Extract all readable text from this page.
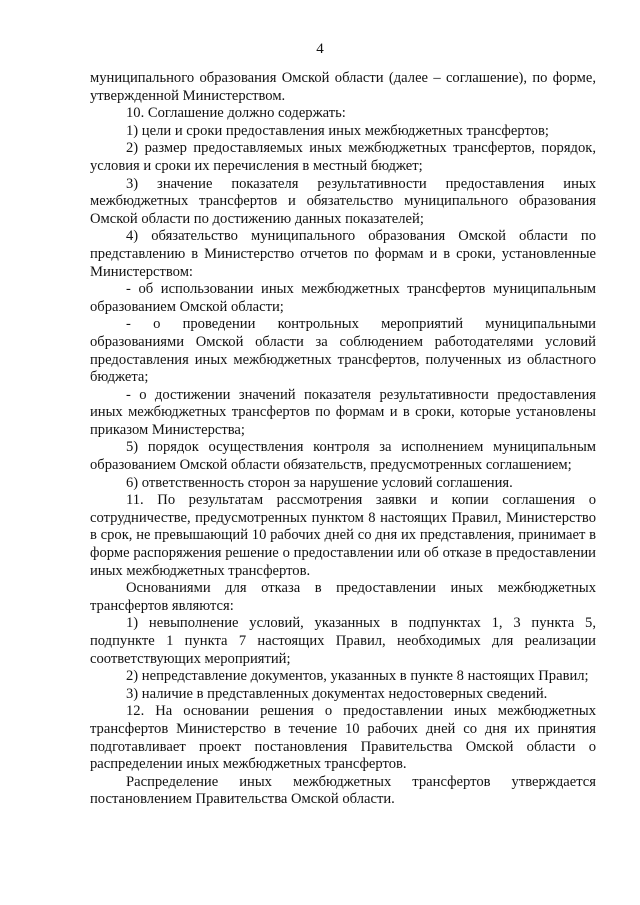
4

муниципального образования Омской области (далее – соглашение), по форме, утвержденной Министерством.

10. Соглашение должно содержать:

1) цели и сроки предоставления иных межбюджетных трансфертов;

2) размер предоставляемых иных межбюджетных трансфертов, порядок, условия и сроки их перечисления в местный бюджет;

3) значение показателя результативности предоставления иных межбюджетных трансфертов и обязательство муниципального образования Омской области по достижению данных показателей;

4) обязательство муниципального образования Омской области по представлению в Министерство отчетов по формам и в сроки, установленные Министерством:

- об использовании иных межбюджетных трансфертов муниципальным образованием Омской области;

- о проведении контрольных мероприятий муниципальными образованиями Омской области за соблюдением работодателями условий предоставления иных межбюджетных трансфертов, полученных из областного бюджета;

- о достижении значений показателя результативности предоставления иных межбюджетных трансфертов по формам и в сроки, которые установлены приказом Министерства;

5) порядок осуществления контроля за исполнением муниципальным образованием Омской области обязательств, предусмотренных соглашением;

6) ответственность сторон за нарушение условий соглашения.

11. По результатам рассмотрения заявки и копии соглашения о сотрудничестве, предусмотренных пунктом 8 настоящих Правил, Министерство в срок, не превышающий 10 рабочих дней со дня их представления, принимает в форме распоряжения решение о предоставлении или об отказе в предоставлении иных межбюджетных трансфертов.

Основаниями для отказа в предоставлении иных межбюджетных трансфертов являются:

1) невыполнение условий, указанных в подпунктах 1, 3 пункта 5, подпункте 1 пункта 7 настоящих Правил, необходимых для реализации соответствующих мероприятий;

2) непредставление документов, указанных в пункте 8 настоящих Правил;

3) наличие в представленных документах недостоверных сведений.

12. На основании решения о предоставлении иных межбюджетных трансфертов Министерство в течение 10 рабочих дней со дня их принятия подготавливает проект постановления Правительства Омской области о распределении иных межбюджетных трансфертов.

Распределение иных межбюджетных трансфертов утверждается постановлением Правительства Омской области.
